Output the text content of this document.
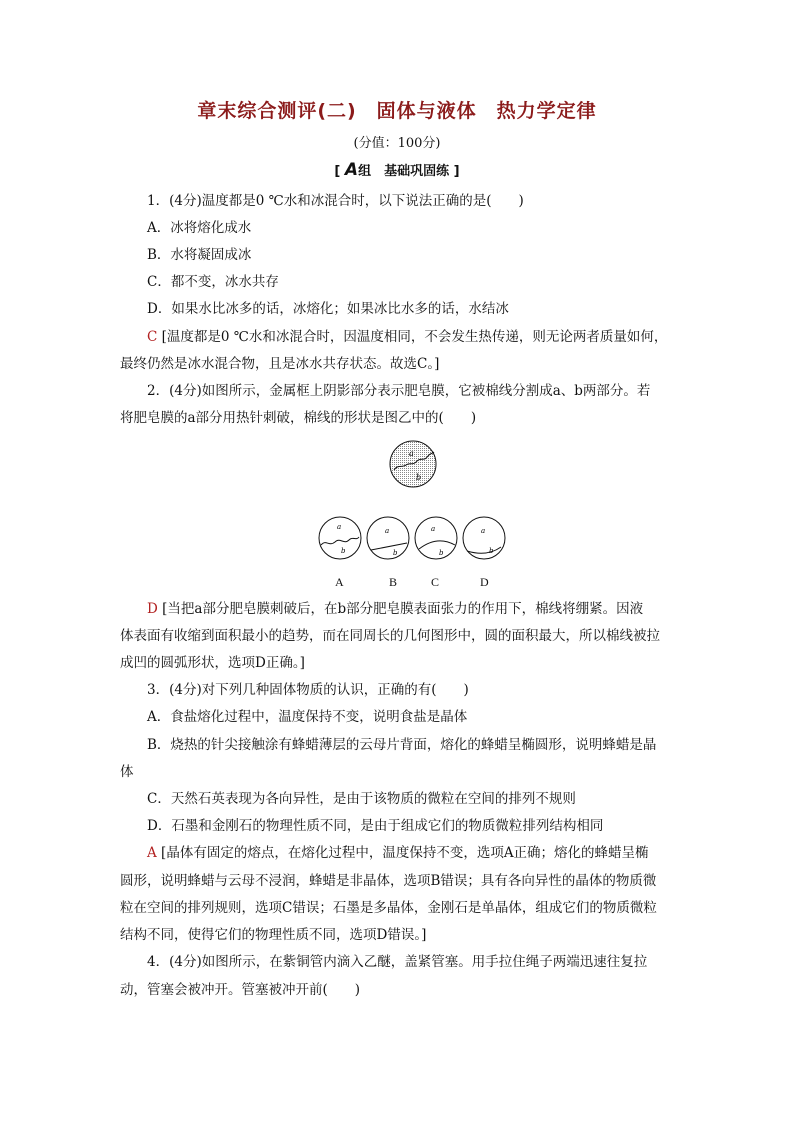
章末综合测评(二)　固体与液体　热力学定律
(分值：100分)
[ A组　基础巩固练 ]
1．(4分)温度都是0 ℃水和冰混合时，以下说法正确的是(　　)
A．冰将熔化成水
B．水将凝固成冰
C．都不变，冰水共存
D．如果水比冰多的话，冰熔化；如果冰比水多的话，水结冰
C [温度都是0 ℃水和冰混合时，因温度相同，不会发生热传递，则无论两者质量如何，
最终仍然是冰水混合物，且是冰水共存状态。故选C。]
2．(4分)如图所示，金属框上阴影部分表示肥皂膜，它被棉线分割成a、b两部分。若
将肥皂膜的a部分用热针刺破，棉线的形状是图乙中的(　　)
a
b
a
b
a
b
a
b
a
b
A	B	C	D
D [当把a部分肥皂膜刺破后，在b部分肥皂膜表面张力的作用下，棉线将绷紧。因液
体表面有收缩到面积最小的趋势，而在同周长的几何图形中，圆的面积最大，所以棉线被拉
成凹的圆弧形状，选项D正确。]
3．(4分)对下列几种固体物质的认识，正确的有(　　)
A．食盐熔化过程中，温度保持不变，说明食盐是晶体
B．烧热的针尖接触涂有蜂蜡薄层的云母片背面，熔化的蜂蜡呈椭圆形，说明蜂蜡是晶
体
C．天然石英表现为各向异性，是由于该物质的微粒在空间的排列不规则
D．石墨和金刚石的物理性质不同，是由于组成它们的物质微粒排列结构相同
A [晶体有固定的熔点，在熔化过程中，温度保持不变，选项A正确；熔化的蜂蜡呈椭
圆形，说明蜂蜡与云母不浸润，蜂蜡是非晶体，选项B错误；具有各向异性的晶体的物质微
粒在空间的排列规则，选项C错误；石墨是多晶体，金刚石是单晶体，组成它们的物质微粒
结构不同，使得它们的物理性质不同，选项D错误。]
4．(4分)如图所示，在紫铜管内滴入乙醚，盖紧管塞。用手拉住绳子两端迅速往复拉
动，管塞会被冲开。管塞被冲开前(　　)
